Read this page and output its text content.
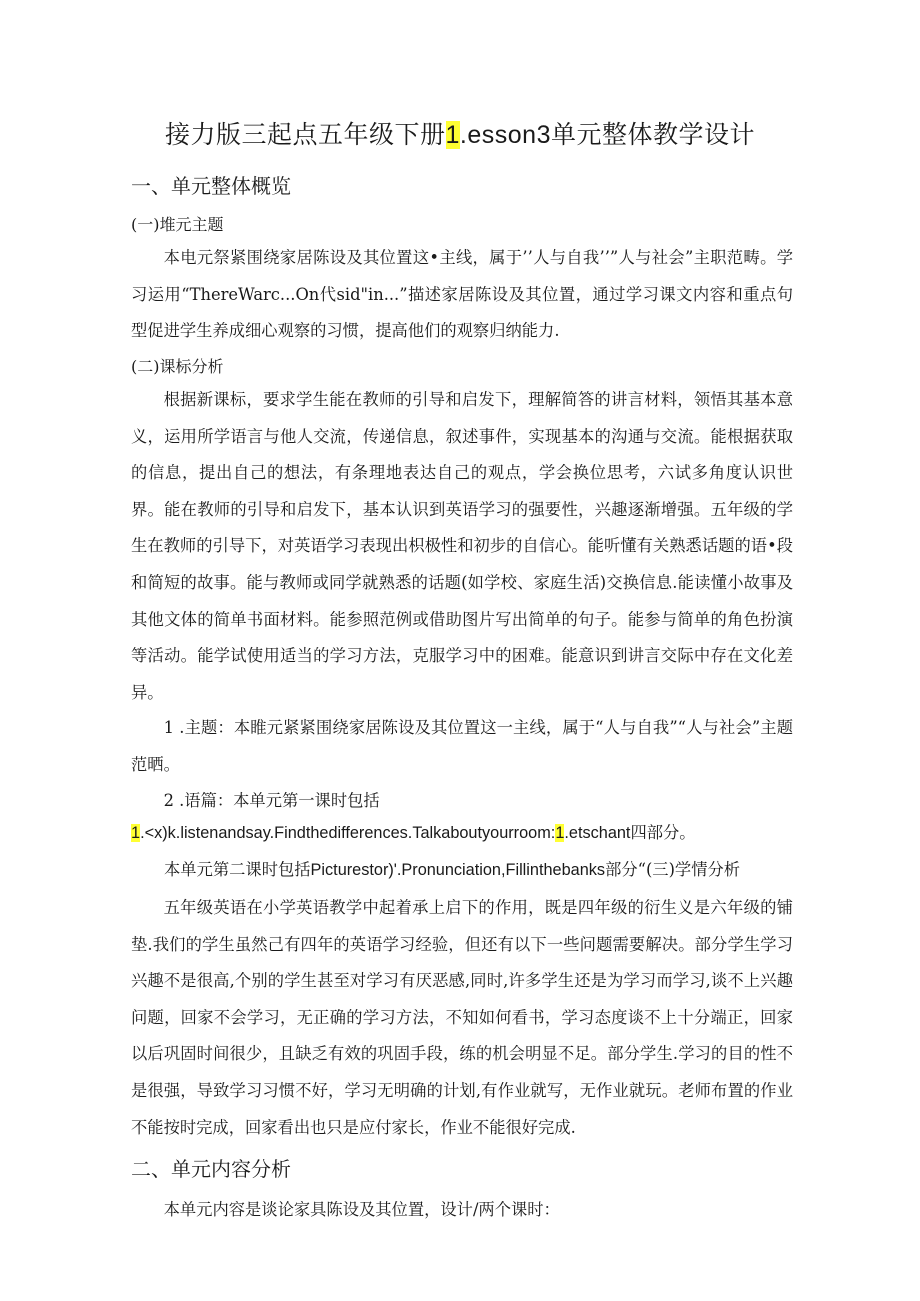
接力版三起点五年级下册1.esson3单元整体教学设计
一、单元整体概览
(一)堆元主题
本电元祭紧围绕家居陈设及其位置这•主线，属于’’人与自我’’”人与社会”主职范畴。学习运用“ThereWarc...On代sid"in...”描述家居陈设及其位置，通过学习课文内容和重点句型促进学生养成细心观察的习惯，提高他们的观察归纳能力.
(二)课标分析
根据新课标，要求学生能在教师的引导和启发下，理解简答的讲言材料，领悟其基本意义，运用所学语言与他人交流，传递信息，叙述事件，实现基本的沟通与交流。能根据获取的信息，提出自己的想法，有条理地表达自己的观点，学会换位思考，六试多角度认识世界。能在教师的引导和启发下，基本认识到英语学习的强要性，兴趣逐渐增强。五年级的学生在教师的引导下，对英语学习表现出枳极性和初步的自信心。能听懂有关熟悉话题的语•段和简短的故事。能与教师或同学就熟悉的话题(如学校、家庭生活)交换信息.能读懂小故事及其他文体的简单书面材料。能参照范例或借助图片写出简单的句子。能参与简单的角色扮演等活动。能学试使用适当的学习方法，克服学习中的困难。能意识到讲言交际中存在文化差异。
1 .主题：本睢元紧紧围绕家居陈设及其位置这一主线，属于“人与自我”“人与社会”主题范晒。
2 .语篇：本单元第一课时包括
1.<x)k.listenandsay.Findthedifferences.Talkaboutyourroom:1.etschant四部分。
本单元第二课时包括Picturestor)'.Pronunciation,Fillinthebanks部分“(三)学情分析
五年级英语在小学英语教学中起着承上启下的作用，既是四年级的衍生义是六年级的铺垫.我们的学生虽然己有四年的英语学习经验，但还有以下一些问题需要解决。部分学生学习兴趣不是很高,个别的学生甚至对学习有厌恶感,同时,许多学生还是为学习而学习,谈不上兴趣问题，回家不会学习，无正确的学习方法，不知如何看书，学习态度谈不上十分端正，回家以后巩固时间很少，且缺乏有效的巩固手段，练的机会明显不足。部分学生.学习的目的性不是很强，导致学习习惯不好，学习无明确的计划,有作业就写，无作业就玩。老师布置的作业不能按时完成，回家看出也只是应付家长，作业不能很好完成.
二、单元内容分析
本单元内容是谈论家具陈设及其位置，设计/两个课时：
